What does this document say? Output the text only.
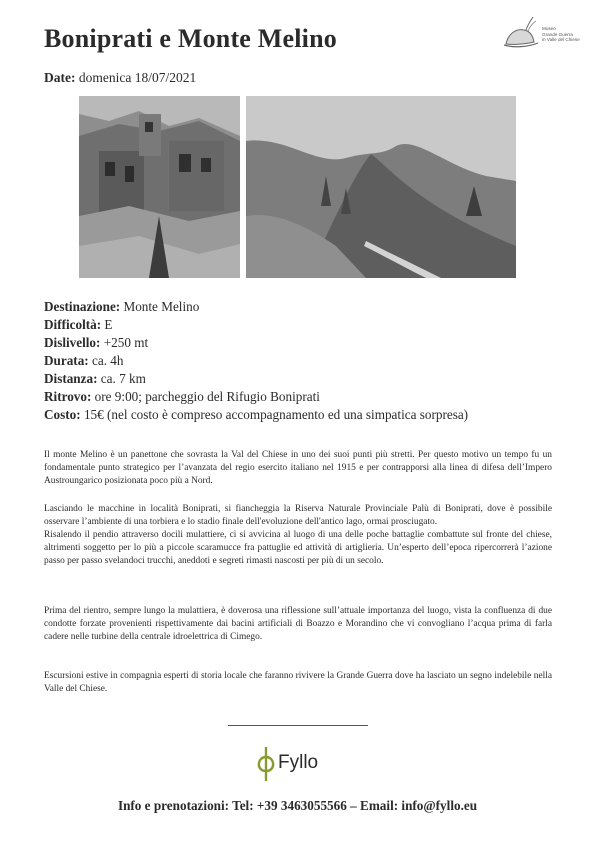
Boniprati e Monte Melino
Date: domenica 18/07/2021
Museo
Grande Guerra
in Valle del Chiese
Destinazione: Monte Melino
Difficoltà: E
Dislivello: +250 mt
Durata: ca. 4h
Distanza: ca. 7 km
Ritrovo: ore 9:00; parcheggio del Rifugio Boniprati
Costo: 15€ (nel costo è compreso accompagnamento ed una simpatica sorpresa)

Il monte Melino è un panettone che sovrasta la Val del Chiese in uno dei suoi punti più stretti. Per questo motivo un tempo fu un fondamentale punto strategico per l’avanzata del regio esercito italiano nel 1915 e per contrapporsi alla linea di difesa dell’Impero Austroungarico posizionata poco più a Nord.

Lasciando le macchine in località Boniprati, si fiancheggia la Riserva Naturale Provinciale Palù di Boniprati, dove è possibile osservare l’ambiente di una torbiera e lo stadio finale dell'evoluzione dell'antico lago, ormai prosciugato.

Risalendo il pendio attraverso docili mulattiere, ci si avvicina al luogo di una delle poche battaglie combattute sul fronte del chiese, altrimenti soggetto per lo più a piccole scaramucce fra pattuglie ed attività di artiglieria. Un’esperto dell’epoca ripercorrerà l’azione passo per passo svelandoci trucchi, aneddoti e segreti rimasti nascosti per più di un secolo.

Prima del rientro, sempre lungo la mulattiera, è doverosa una riflessione sull’attuale importanza del luogo, vista la confluenza di due condotte forzate provenienti rispettivamente dai bacini artificiali di Boazzo e Morandino che vi convogliano l’acqua prima di farla cadere nelle turbine della centrale idroelettrica di Cimego.

Escursioni estive in compagnia esperti di storia locale che faranno rivivere la Grande Guerra dove ha lasciato un segno indelebile nella Valle del Chiese.

Fyllo
Info e prenotazioni: Tel: +39 3463055566 – Email: info@fyllo.eu
